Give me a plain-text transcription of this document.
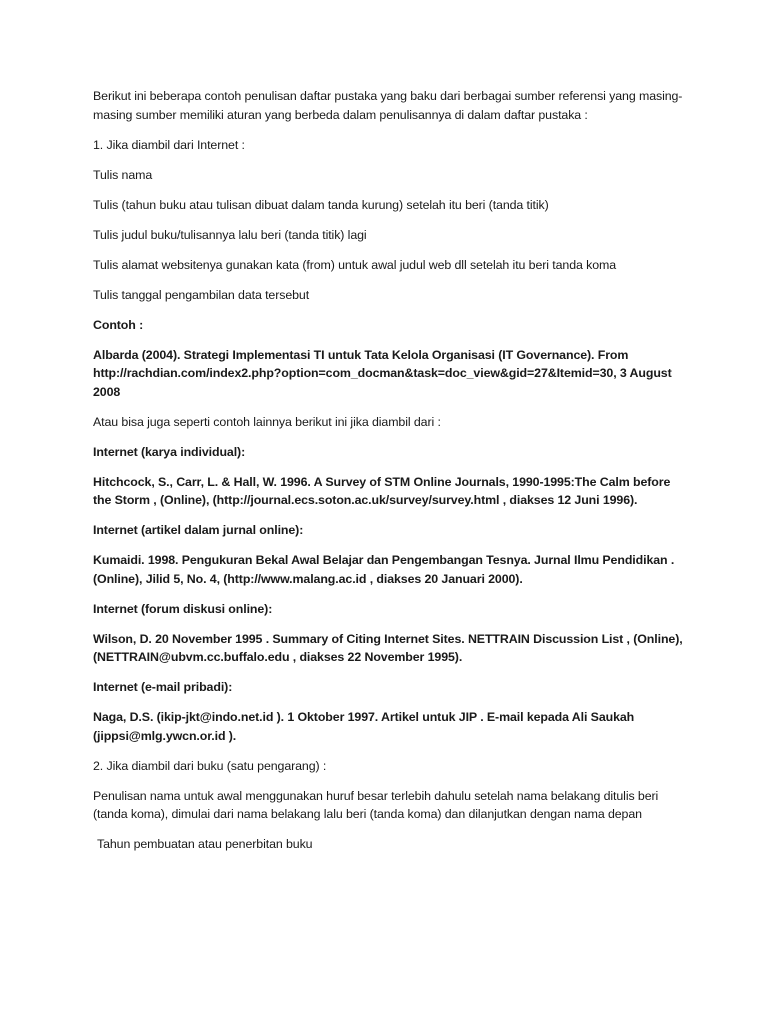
Berikut ini beberapa contoh penulisan daftar pustaka yang baku dari berbagai sumber referensi yang masing-masing sumber memiliki aturan yang berbeda dalam penulisannya di dalam daftar pustaka :

1. Jika diambil dari Internet :

Tulis nama

Tulis (tahun buku atau tulisan dibuat dalam tanda kurung) setelah itu beri (tanda titik)

Tulis judul buku/tulisannya lalu beri (tanda titik) lagi

Tulis alamat websitenya gunakan kata (from) untuk awal judul web dll setelah itu beri tanda koma

Tulis tanggal pengambilan data tersebut

Contoh :

Albarda (2004). Strategi Implementasi TI untuk Tata Kelola Organisasi (IT Governance). From http://rachdian.com/index2.php?option=com_docman&task=doc_view&gid=27&Itemid=30, 3 August 2008

Atau bisa juga seperti contoh lainnya berikut ini jika diambil dari :

Internet (karya individual):

Hitchcock, S., Carr, L. & Hall, W. 1996. A Survey of STM Online Journals, 1990-1995:The Calm before the Storm , (Online), (http://journal.ecs.soton.ac.uk/survey/survey.html , diakses 12 Juni 1996).

Internet (artikel dalam jurnal online):

Kumaidi. 1998. Pengukuran Bekal Awal Belajar dan Pengembangan Tesnya. Jurnal Ilmu Pendidikan . (Online), Jilid 5, No. 4, (http://www.malang.ac.id , diakses 20 Januari 2000).

Internet (forum diskusi online):

Wilson, D. 20 November 1995 . Summary of Citing Internet Sites. NETTRAIN Discussion List , (Online), (NETTRAIN@ubvm.cc.buffalo.edu , diakses 22 November 1995).

Internet (e-mail pribadi):

Naga, D.S. (ikip-jkt@indo.net.id ). 1 Oktober 1997. Artikel untuk JIP . E-mail kepada Ali Saukah (jippsi@mlg.ywcn.or.id ).

2. Jika diambil dari buku (satu pengarang) :

Penulisan nama untuk awal menggunakan huruf besar terlebih dahulu setelah nama belakang ditulis beri (tanda koma), dimulai dari nama belakang lalu beri (tanda koma) dan dilanjutkan dengan nama depan

Tahun pembuatan atau penerbitan buku
